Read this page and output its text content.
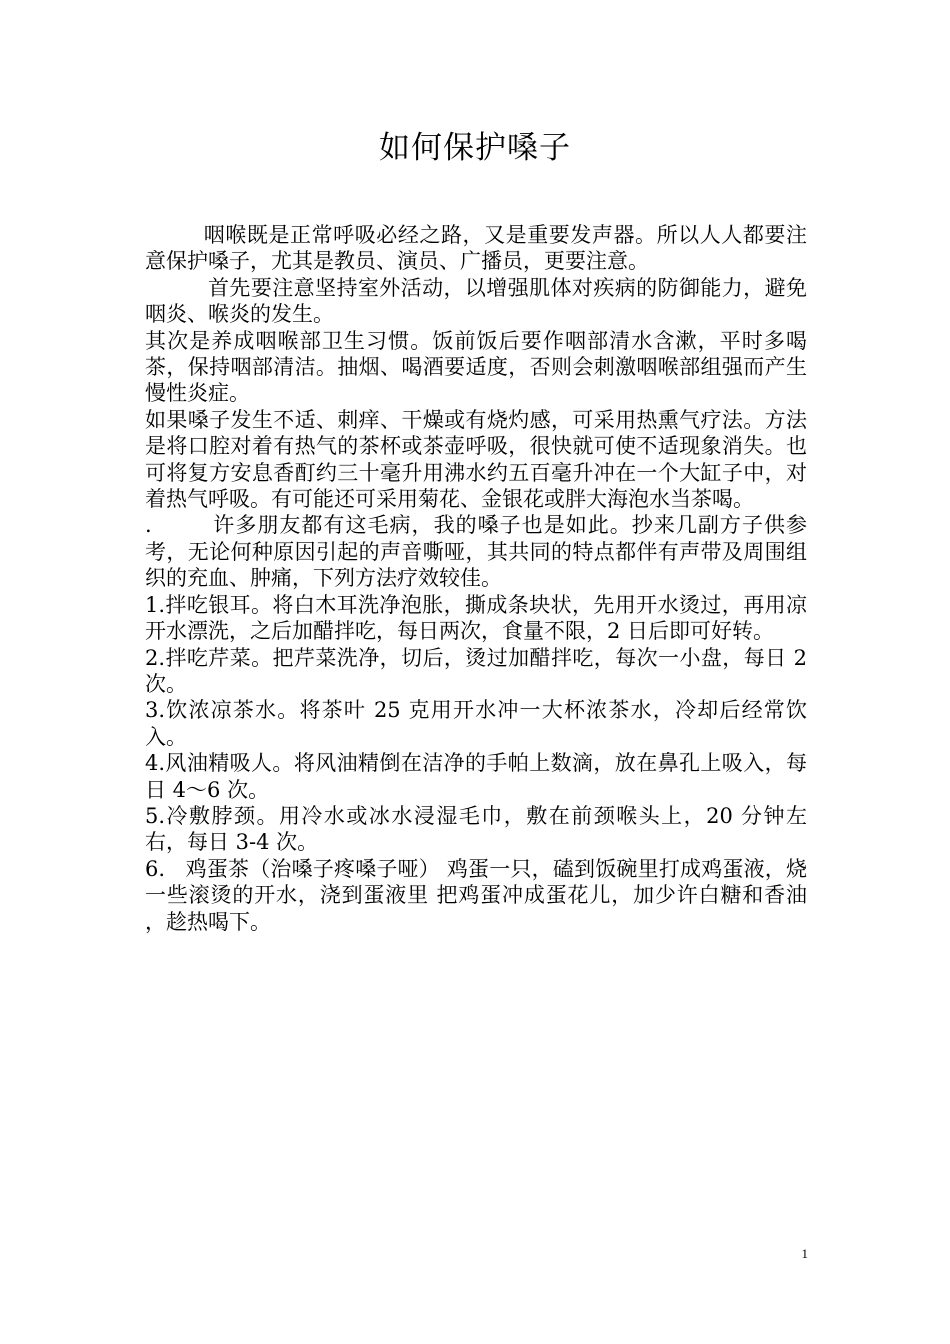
如何保护嗓子

咽喉既是正常呼吸必经之路，又是重要发声器。所以人人都要注意保护嗓子，尤其是教员、演员、广播员，更要注意。

首先要注意坚持室外活动，以增强肌体对疾病的防御能力，避免咽炎、喉炎的发生。

其次是养成咽喉部卫生习惯。饭前饭后要作咽部清水含漱，平时多喝茶，保持咽部清洁。抽烟、喝酒要适度，否则会刺激咽喉部组强而产生慢性炎症。

如果嗓子发生不适、刺痒、干燥或有烧灼感，可采用热熏气疗法。方法是将口腔对着有热气的茶杯或茶壶呼吸，很快就可使不适现象消失。也可将复方安息香酊约三十毫升用沸水约五百毫升冲在一个大缸子中，对着热气呼吸。有可能还可采用菊花、金银花或胖大海泡水当茶喝。

.        许多朋友都有这毛病，我的嗓子也是如此。抄来几副方子供参考，无论何种原因引起的声音嘶哑，其共同的特点都伴有声带及周围组织的充血、肿痛，下列方法疗效较佳。

1.拌吃银耳。将白木耳洗净泡胀，撕成条块状，先用开水烫过，再用凉开水漂洗，之后加醋拌吃，每日两次，食量不限，2 日后即可好转。

2.拌吃芹菜。把芹菜洗净，切后，烫过加醋拌吃，每次一小盘，每日 2 次。

3.饮浓凉茶水。将茶叶 25 克用开水冲一大杯浓茶水，冷却后经常饮入。

4.风油精吸人。将风油精倒在洁净的手帕上数滴，放在鼻孔上吸入，每日 4～6 次。

5.冷敷脖颈。用冷水或冰水浸湿毛巾，敷在前颈喉头上，20 分钟左右，每日 3-4 次。

6.   鸡蛋茶（治嗓子疼嗓子哑） 鸡蛋一只，磕到饭碗里打成鸡蛋液，烧一些滚烫的开水，浇到蛋液里 把鸡蛋冲成蛋花儿，加少许白糖和香油 ，趁热喝下。

1
